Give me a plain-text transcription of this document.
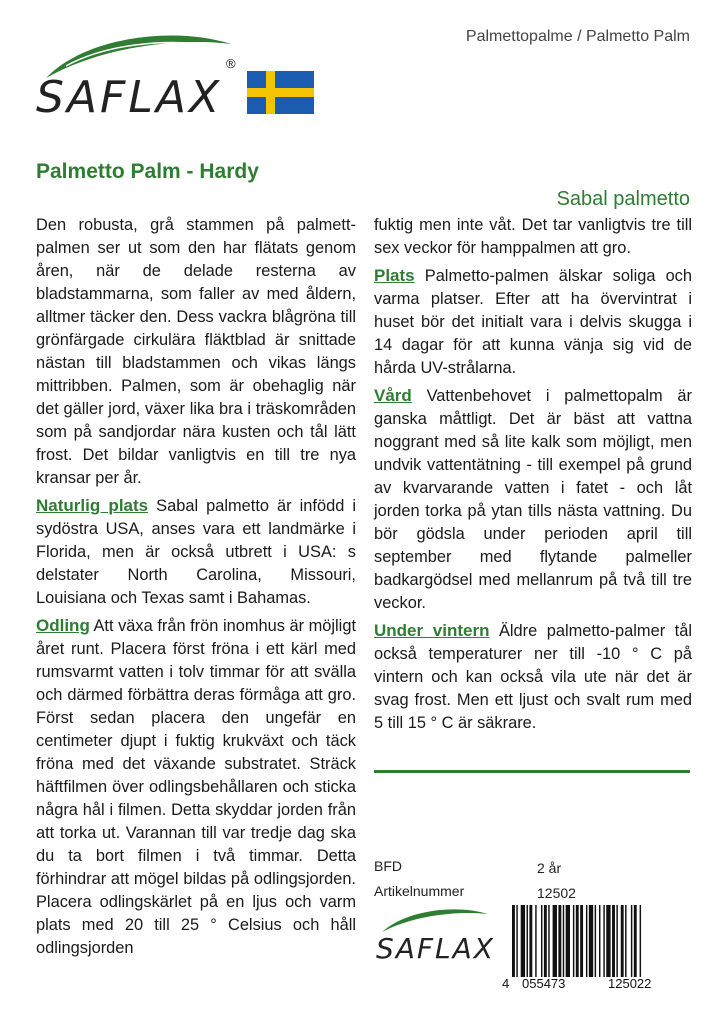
SAFLAX
®
Palmettopalme / Palmetto Palm
Palmetto Palm - Hardy
Sabal palmetto

Den robusta, grå stammen på palmettpalmen ser ut som den har flätats genom åren, när de delade resterna av bladstammarna, som faller av med åldern, alltmer täcker den. Dess vackra blågröna till grönfärgade cirkulära fläktblad är snittade nästan till bladstammen och vikas längs mittribben. Palmen, som är obehaglig när det gäller jord, växer lika bra i träskområden som på sandjordar nära kusten och tål lätt frost. Det bildar vanligtvis en till tre nya kransar per år.

Naturlig plats Sabal palmetto är infödd i sydöstra USA, anses vara ett landmärke i Florida, men är också utbrett i USA: s delstater North Carolina, Missouri, Louisiana och Texas samt i Bahamas.

Odling Att växa från frön inomhus är möjligt året runt. Placera först fröna i ett kärl med rumsvarmt vatten i tolv timmar för att svälla och därmed förbättra deras förmåga att gro. Först sedan placera den ungefär en centimeter djupt i fuktig krukväxt och täck fröna med det växande substratet. Sträck häftfilmen över odlingsbehållaren och sticka några hål i filmen. Detta skyddar jorden från att torka ut. Varannan till var tredje dag ska du ta bort filmen i två timmar. Detta förhindrar att mögel bildas på odlingsjorden. Placera odlingskärlet på en ljus och varm plats med 20 till 25 ° Celsius och håll odlingsjorden

fuktig men inte våt. Det tar vanligtvis tre till sex veckor för hamppalmen att gro.

Plats Palmetto-palmen älskar soliga och varma platser. Efter att ha övervintrat i huset bör det initialt vara i delvis skugga i 14 dagar för att kunna vänja sig vid de hårda UV-strålarna.

Vård Vattenbehovet i palmettopalm är ganska måttligt. Det är bäst att vattna noggrant med så lite kalk som möjligt, men undvik vattentätning - till exempel på grund av kvarvarande vatten i fatet - och låt jorden torka på ytan tills nästa vattning. Du bör gödsla under perioden april till september med flytande palmeller badkargödsel med mellanrum på två till tre veckor.

Under vintern Äldre palmetto-palmer tål också temperaturer ner till -10 ° C på vintern och kan också vila ute när det är svag frost. Men ett ljust och svalt rum med 5 till 15 ° C är säkrare.

BFD	2 år
Artikelnummer	12502
SAFLAX
4 055473	125022
